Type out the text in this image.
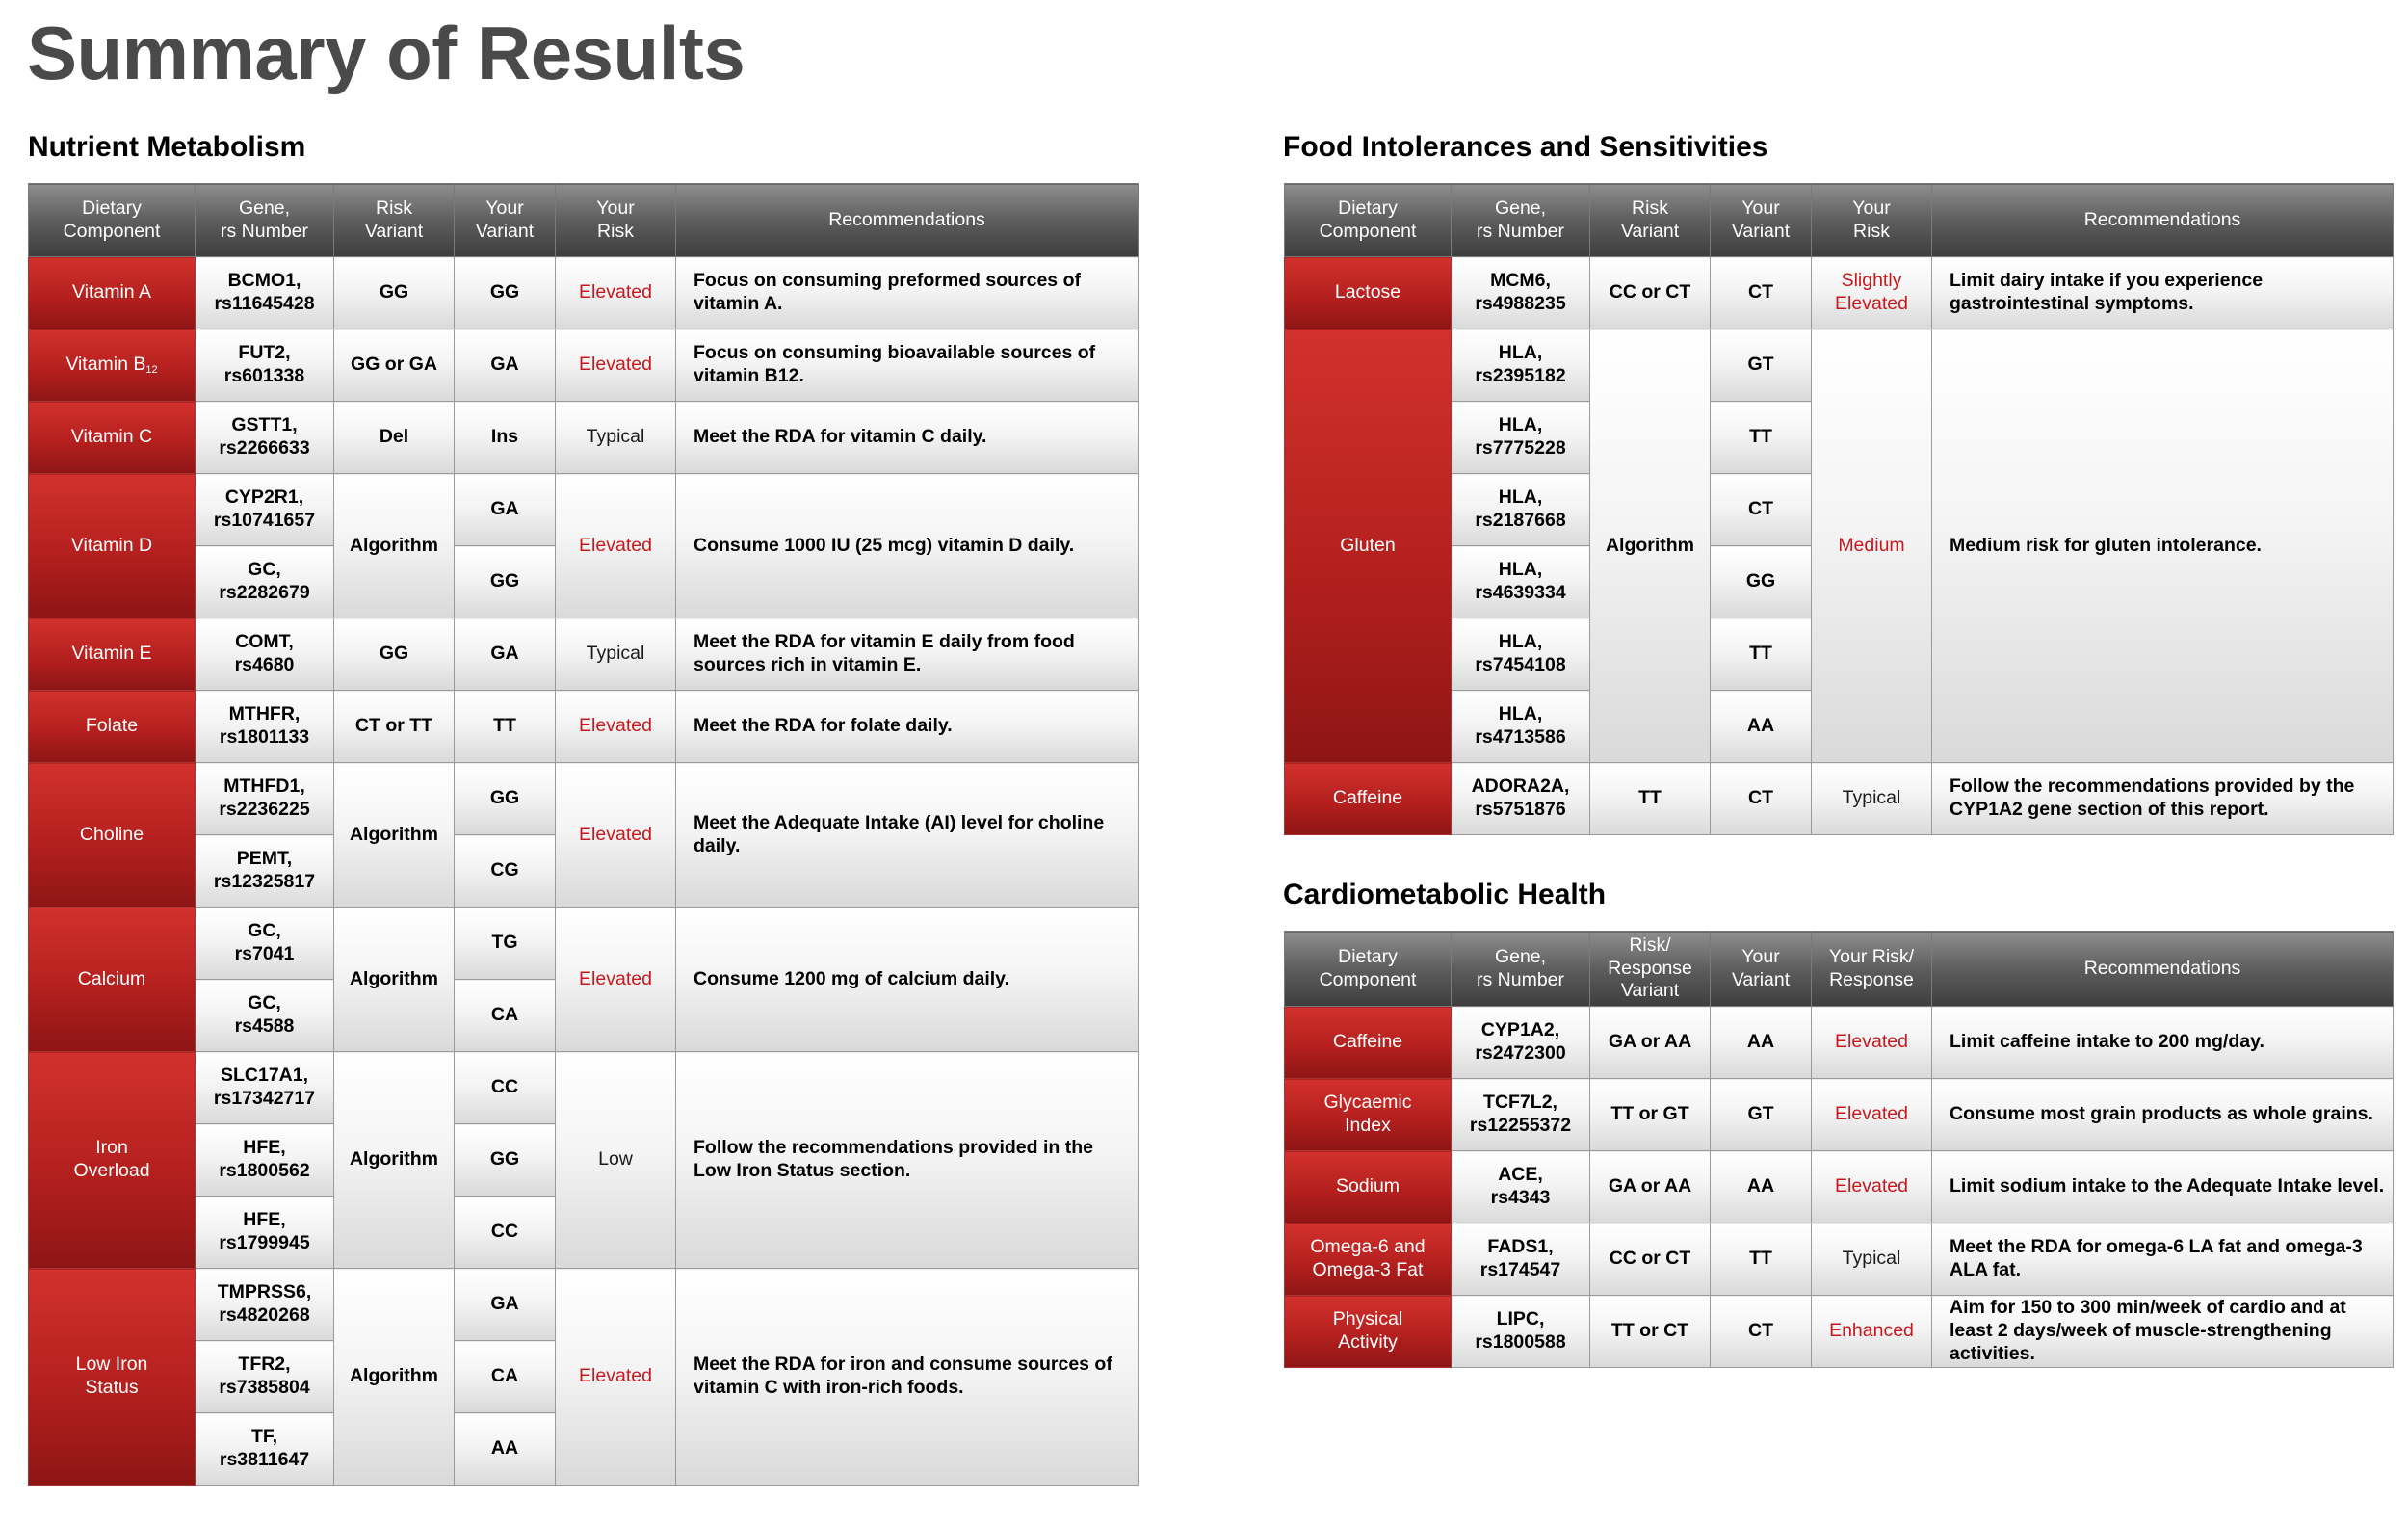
Summary of Results
Nutrient Metabolism
Dietary
Component	Gene,
rs Number	Risk
Variant	Your
Variant	Your
Risk	Recommendations
Vitamin A	BCMO1,
rs11645428	GG	GG	Elevated	Focus on consuming preformed sources of vitamin A.
Vitamin $B_{12}$	FUT2,
rs601338	GG or GA	GA	Elevated	Focus on consuming bioavailable sources of vitamin B12.
Vitamin C	GSTT1,
rs2266633	Del	Ins	Typical	Meet the RDA for vitamin C daily.
Vitamin D	CYP2R1,
rs10741657	Algorithm	GA	Elevated	Consume 1000 IU (25 mcg) vitamin D daily.
	GC,
rs2282679		GG		
Vitamin E	COMT,
rs4680	GG	GA	Typical	Meet the RDA for vitamin E daily from food sources rich in vitamin E.
Folate	MTHFR,
rs1801133	CT or TT	TT	Elevated	Meet the RDA for folate daily.
Choline	MTHFD1,
rs2236225	Algorithm	GG	Elevated	Meet the Adequate Intake (AI) level for choline daily.
	PEMT,
rs12325817		CG		
Calcium	GC,
rs7041	Algorithm	TG	Elevated	Consume 1200 mg of calcium daily.
	GC,
rs4588		CA		
Iron
Overload	SLC17A1,
rs17342717	Algorithm	CC	Low	Follow the recommendations provided in the Low Iron Status section.
	HFE,
rs1800562		GG		
	HFE,
rs1799945		CC		
Low Iron
Status	TMPRSS6,
rs4820268	Algorithm	GA	Elevated	Meet the RDA for iron and consume sources of vitamin C with iron-rich foods.
	TFR2,
rs7385804		CA		
	TF,
rs3811647		AA		
Food Intolerances and Sensitivities
Dietary
Component	Gene,
rs Number	Risk
Variant	Your
Variant	Your
Risk	Recommendations
Lactose	MCM6,
rs4988235	CC or CT	CT	Slightly
Elevated	Limit dairy intake if you experience gastrointestinal symptoms.
Gluten	HLA,
rs2395182	Algorithm	GT	Medium	Medium risk for gluten intolerance.
	HLA,
rs7775228		TT		
	HLA,
rs2187668		CT		
	HLA,
rs4639334		GG		
	HLA,
rs7454108		TT		
	HLA,
rs4713586		AA		
Caffeine	ADORA2A,
rs5751876	TT	CT	Typical	Follow the recommendations provided by the CYP1A2 gene section of this report.
Cardiometabolic Health
Dietary
Component	Gene,
rs Number	Risk/
Response
Variant	Your
Variant	Your Risk/
Response	Recommendations
Caffeine	CYP1A2,
rs2472300	GA or AA	AA	Elevated	Limit caffeine intake to 200 mg/day.
Glycaemic
Index	TCF7L2,
rs12255372	TT or GT	GT	Elevated	Consume most grain products as whole grains.
Sodium	ACE,
rs4343	GA or AA	AA	Elevated	Limit sodium intake to the Adequate Intake level.
Omega-6 and
Omega-3 Fat	FADS1,
rs174547	CC or CT	TT	Typical	Meet the RDA for omega-6 LA fat and omega-3 ALA fat.
Physical
Activity	LIPC,
rs1800588	TT or CT	CT	Enhanced	Aim for 150 to 300 min/week of cardio and at least 2 days/week of muscle-strengthening activities.
